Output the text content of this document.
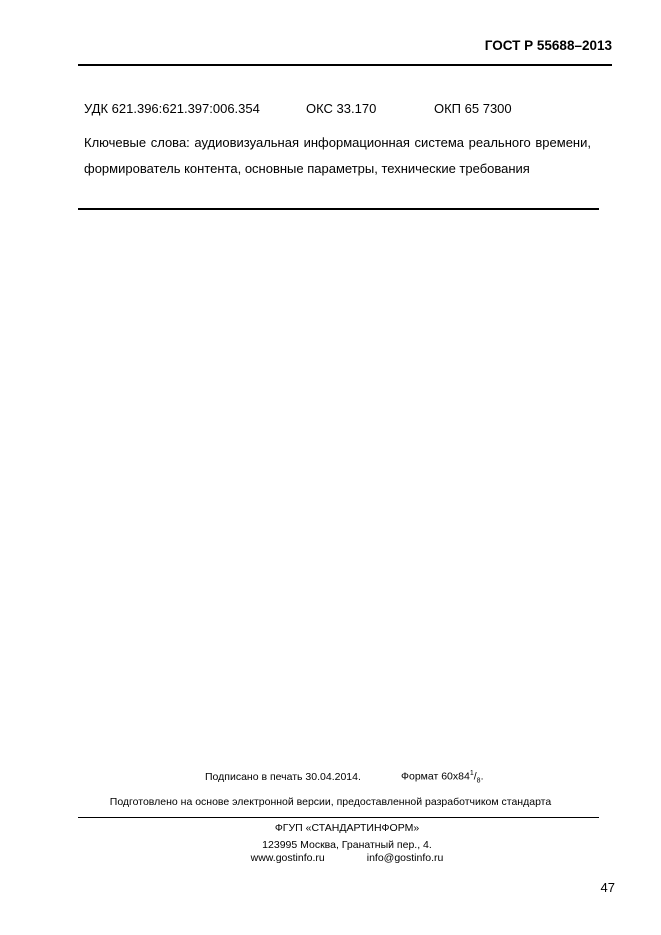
ГОСТ Р 55688–2013
УДК 621.396:621.397:006.354	ОКС 33.170	ОКП 65 7300
Ключевые слова: аудиовизуальная информационная система реального времени, формирователь контента, основные параметры, технические требования
Подписано в печать 30.04.2014.	Формат $60х84^1/_8$.
Подготовлено на основе электронной версии, предоставленной разработчиком стандарта
ФГУП «СТАНДАРТИНФОРМ»
123995 Москва, Гранатный пер., 4.
www.gostinfo.ru	info@gostinfo.ru
47
